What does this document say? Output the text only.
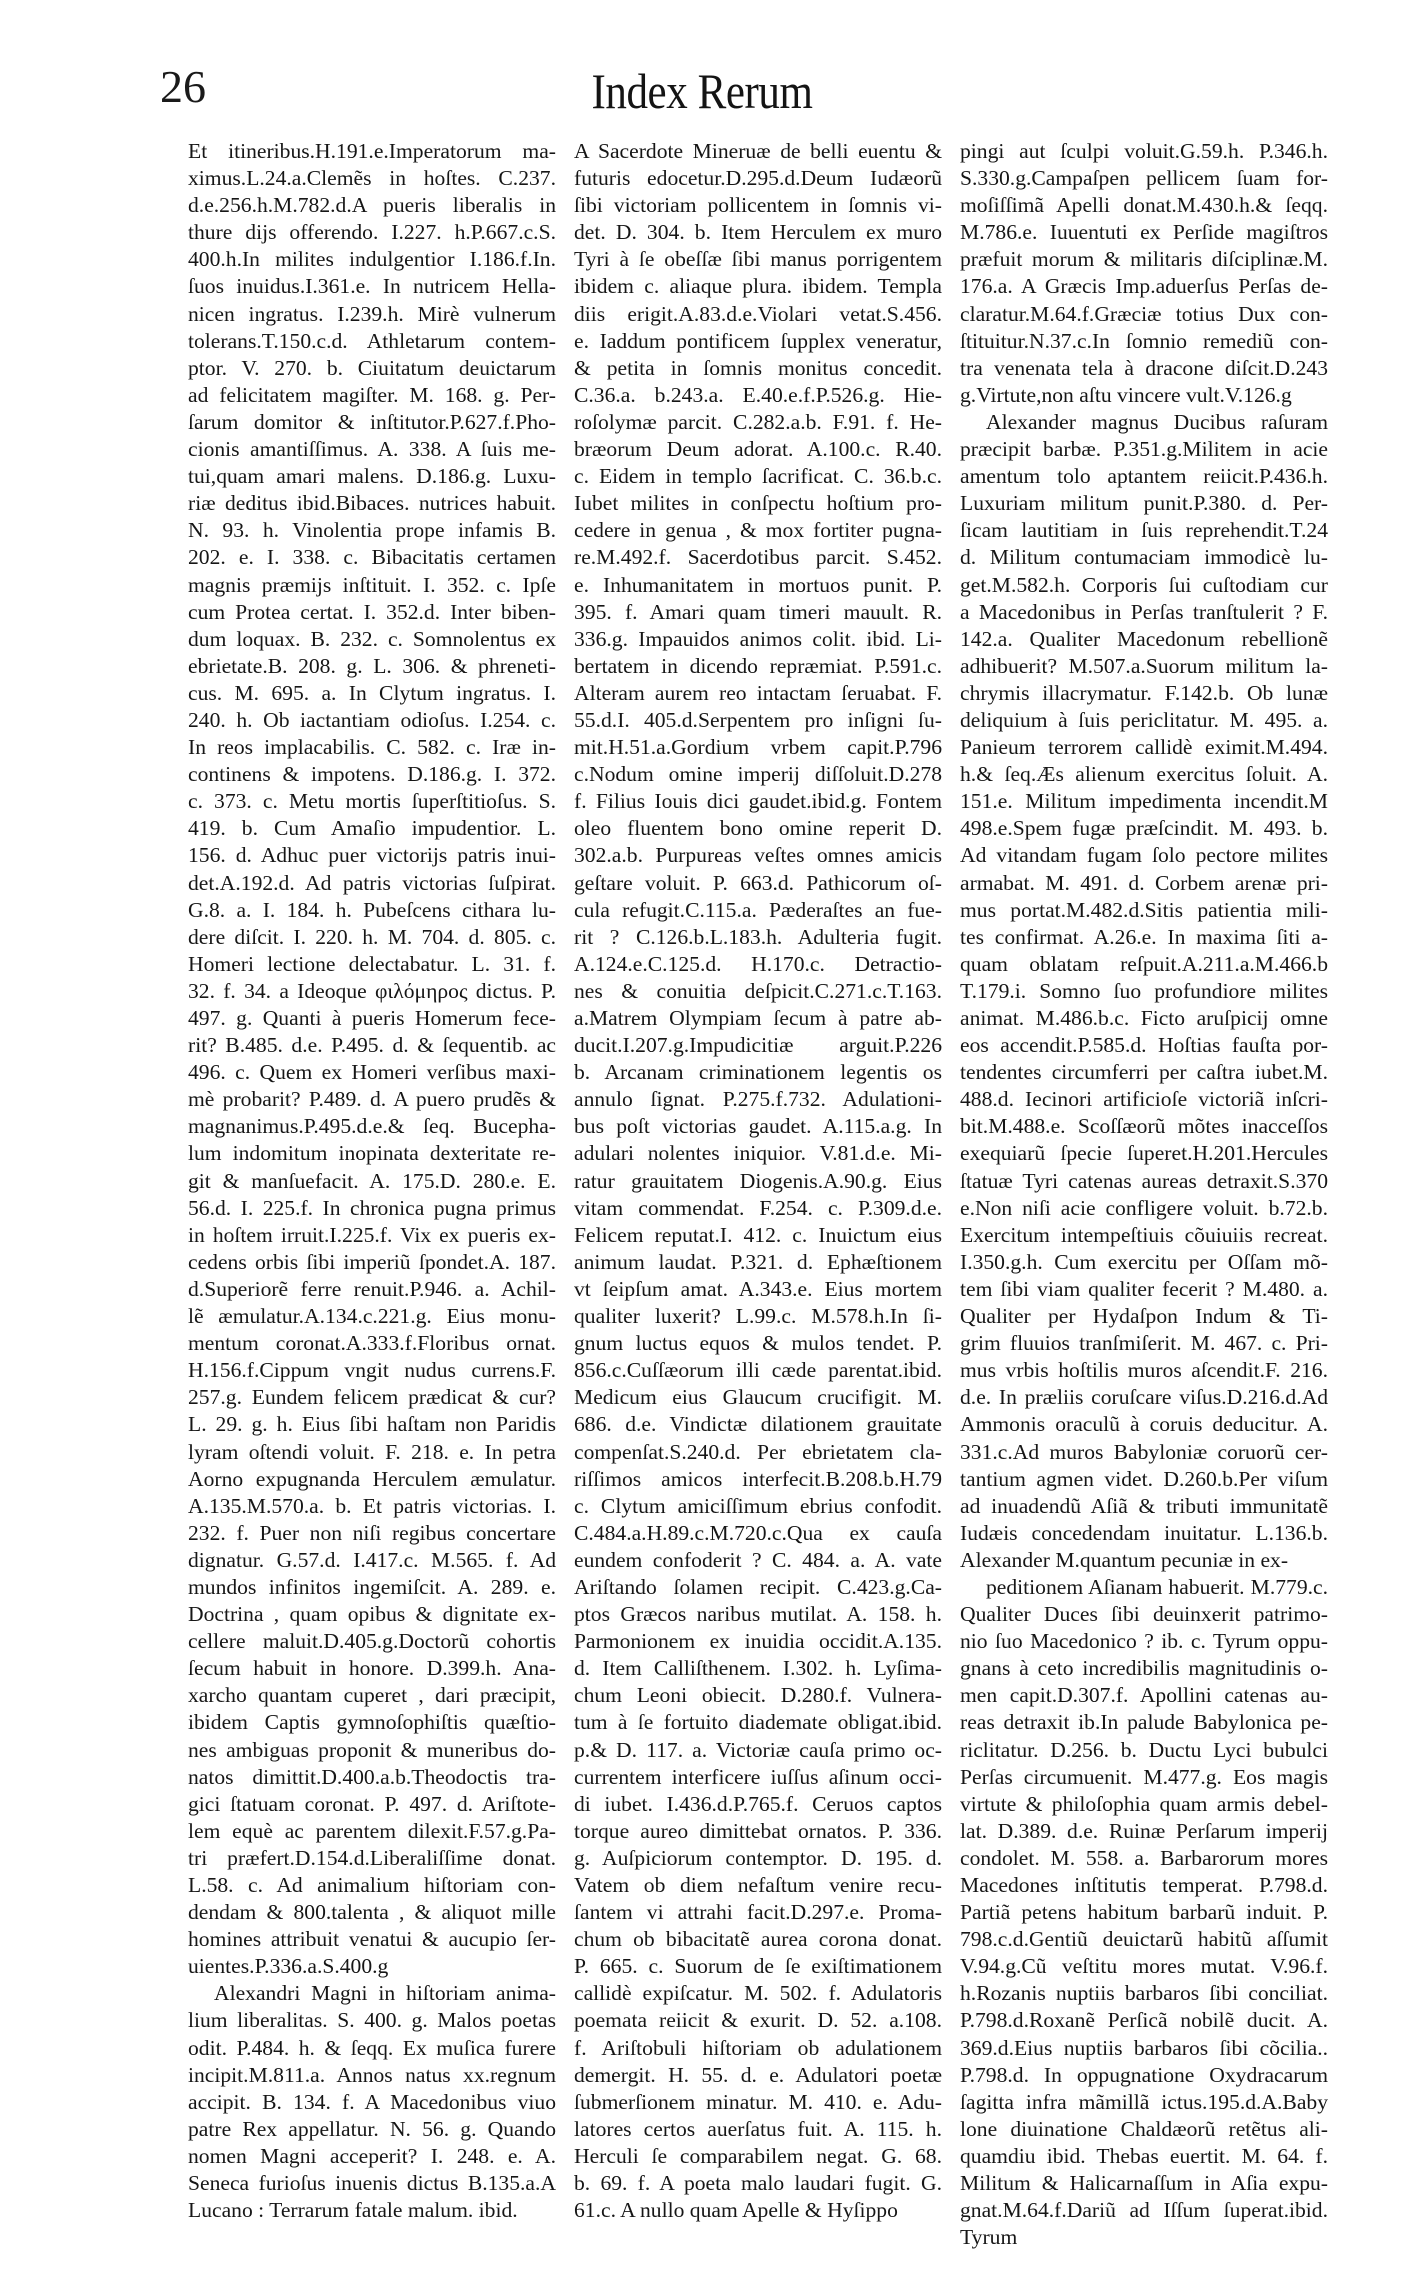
26	Index Rerum
Et itineribus.H.191.e.Imperatorum ma-
ximus.L.24.a.Clemẽs in hoſtes. C.237.
d.e.256.h.M.782.d.A pueris liberalis in
thure dijs offerendo. I.227. h.P.667.c.S.
400.h.In milites indulgentior I.186.f.In.
ſuos inuidus.I.361.e. In nutricem Hella-
nicen ingratus. I.239.h. Mirè vulnerum
tolerans.T.150.c.d. Athletarum contem-
ptor. V. 270. b. Ciuitatum deuictarum
ad felicitatem magiſter. M. 168. g. Per-
ſarum domitor & inſtitutor.P.627.f.Pho-
cionis amantiſſimus. A. 338. A ſuis me-
tui,quam amari malens. D.186.g. Luxu-
riæ deditus ibid.Bibaces. nutrices habuit.
N. 93. h. Vinolentia prope infamis B.
202. e. I. 338. c. Bibacitatis certamen
magnis præmijs inſtituit. I. 352. c. Ipſe
cum Protea certat. I. 352.d. Inter biben-
dum loquax. B. 232. c. Somnolentus ex
ebrietate.B. 208. g. L. 306. & phreneti-
cus. M. 695. a. In Clytum ingratus. I.
240. h. Ob iactantiam odioſus. I.254. c.
In reos implacabilis. C. 582. c. Iræ in-
continens & impotens. D.186.g. I. 372.
c. 373. c. Metu mortis ſuperſtitioſus. S.
419. b. Cum Amaſio impudentior. L.
156. d. Adhuc puer victorijs patris inui-
det.A.192.d. Ad patris victorias ſuſpirat.
G.8. a. I. 184. h. Pubeſcens cithara lu-
dere diſcit. I. 220. h. M. 704. d. 805. c.
Homeri lectione delectabatur. L. 31. f.
32. f. 34. a Ideoque φιλόμηρος dictus. P.
497. g. Quanti à pueris Homerum fece-
rit? B.485. d.e. P.495. d. & ſequentib. ac
496. c. Quem ex Homeri verſibus maxi-
mè probarit? P.489. d. A puero prudẽs &
magnanimus.P.495.d.e.& ſeq. Bucepha-
lum indomitum inopinata dexteritate re-
git & manſuefacit. A. 175.D. 280.e. E.
56.d. I. 225.f. In chronica pugna primus
in hoſtem irruit.I.225.f. Vix ex pueris ex-
cedens orbis ſibi imperiũ ſpondet.A. 187.
d.Superiorẽ ferre renuit.P.946. a. Achil-
lẽ æmulatur.A.134.c.221.g. Eius monu-
mentum coronat.A.333.f.Floribus ornat.
H.156.f.Cippum vngit nudus currens.F.
257.g. Eundem felicem prædicat & cur?
L. 29. g. h. Eius ſibi haſtam non Paridis
lyram oſtendi voluit. F. 218. e. In petra
Aorno expugnanda Herculem æmulatur.
A.135.M.570.a. b. Et patris victorias. I.
232. f. Puer non niſi regibus concertare
dignatur. G.57.d. I.417.c. M.565. f. Ad
mundos infinitos ingemiſcit. A. 289. e.
Doctrina , quam opibus & dignitate ex-
cellere maluit.D.405.g.Doctorũ cohortis
ſecum habuit in honore. D.399.h. Ana-
xarcho quantam cuperet , dari præcipit,
ibidem Captis gymnoſophiſtis quæſtio-
nes ambiguas proponit & muneribus do-
natos dimittit.D.400.a.b.Theodoctis tra-
gici ſtatuam coronat. P. 497. d. Ariſtote-
lem equè ac parentem dilexit.F.57.g.Pa-
tri præfert.D.154.d.Liberaliſſime donat.
L.58. c. Ad animalium hiſtoriam con-
dendam & 800.talenta , & aliquot mille
homines attribuit venatui & aucupio ſer-
uientes.P.336.a.S.400.g
Alexandri Magni in hiſtoriam anima-
lium liberalitas. S. 400. g. Malos poetas
odit. P.484. h. & ſeqq. Ex muſica furere
incipit.M.811.a. Annos natus xx.regnum
accipit. B. 134. f. A Macedonibus viuo
patre Rex appellatur. N. 56. g. Quando
nomen Magni acceperit? I. 248. e. A.
Seneca furioſus inuenis dictus B.135.a.A
Lucano : Terrarum fatale malum. ibid.
A Sacerdote Mineruæ de belli euentu &
futuris edocetur.D.295.d.Deum Iudæorũ
ſibi victoriam pollicentem in ſomnis vi-
det. D. 304. b. Item Herculem ex muro
Tyri à ſe obeſſæ ſibi manus porrigentem
ibidem c. aliaque plura. ibidem. Templa
diis erigit.A.83.d.e.Violari vetat.S.456.
e. Iaddum pontificem ſupplex veneratur,
& petita in ſomnis monitus concedit.
C.36.a. b.243.a. E.40.e.f.P.526.g. Hie-
roſolymæ parcit. C.282.a.b. F.91. f. He-
bræorum Deum adorat. A.100.c. R.40.
c. Eidem in templo ſacrificat. C. 36.b.c.
Iubet milites in conſpectu hoſtium pro-
cedere in genua , & mox fortiter pugna-
re.M.492.f. Sacerdotibus parcit. S.452.
e. Inhumanitatem in mortuos punit. P.
395. f. Amari quam timeri mauult. R.
336.g. Impauidos animos colit. ibid. Li-
bertatem in dicendo repræmiat. P.591.c.
Alteram aurem reo intactam ſeruabat. F.
55.d.I. 405.d.Serpentem pro inſigni ſu-
mit.H.51.a.Gordium vrbem capit.P.796
c.Nodum omine imperij diſſoluit.D.278
f. Filius Iouis dici gaudet.ibid.g. Fontem
oleo fluentem bono omine reperit D.
302.a.b. Purpureas veſtes omnes amicis
geſtare voluit. P. 663.d. Pathicorum oſ-
cula refugit.C.115.a. Pæderaſtes an fue-
rit ? C.126.b.L.183.h. Adulteria fugit.
A.124.e.C.125.d. H.170.c. Detractio-
nes & conuitia deſpicit.C.271.c.T.163.
a.Matrem Olympiam ſecum à patre ab-
ducit.I.207.g.Impudicitiæ arguit.P.226
b. Arcanam criminationem legentis os
annulo ſignat. P.275.f.732. Adulationi-
bus poſt victorias gaudet. A.115.a.g. In
adulari nolentes iniquior. V.81.d.e. Mi-
ratur grauitatem Diogenis.A.90.g. Eius
vitam commendat. F.254. c. P.309.d.e.
Felicem reputat.I. 412. c. Inuictum eius
animum laudat. P.321. d. Ephæſtionem
vt ſeipſum amat. A.343.e. Eius mortem
qualiter luxerit? L.99.c. M.578.h.In ſi-
gnum luctus equos & mulos tendet. P.
856.c.Cuſſæorum illi cæde parentat.ibid.
Medicum eius Glaucum crucifigit. M.
686. d.e. Vindictæ dilationem grauitate
compenſat.S.240.d. Per ebrietatem cla-
riſſimos amicos interfecit.B.208.b.H.79
c. Clytum amiciſſimum ebrius confodit.
C.484.a.H.89.c.M.720.c.Qua ex cauſa
eundem confoderit ? C. 484. a. A. vate
Ariſtando ſolamen recipit. C.423.g.Ca-
ptos Græcos naribus mutilat. A. 158. h.
Parmonionem ex inuidia occidit.A.135.
d. Item Calliſthenem. I.302. h. Lyſima-
chum Leoni obiecit. D.280.f. Vulnera-
tum à ſe fortuito diademate obligat.ibid.
p.& D. 117. a. Victoriæ cauſa primo oc-
currentem interficere iuſſus aſinum occi-
di iubet. I.436.d.P.765.f. Ceruos captos
torque aureo dimittebat ornatos. P. 336.
g. Auſpiciorum contemptor. D. 195. d.
Vatem ob diem nefaſtum venire recu-
ſantem vi attrahi facit.D.297.e. Proma-
chum ob bibacitatẽ aurea corona donat.
P. 665. c. Suorum de ſe exiſtimationem
callidè expiſcatur. M. 502. f. Adulatoris
poemata reiicit & exurit. D. 52. a.108.
f. Ariſtobuli hiſtoriam ob adulationem
demergit. H. 55. d. e. Adulatori poetæ
ſubmerſionem minatur. M. 410. e. Adu-
latores certos auerſatus fuit. A. 115. h.
Herculi ſe comparabilem negat. G. 68.
b. 69. f. A poeta malo laudari fugit. G.
61.c. A nullo quam Apelle & Hyſippo
pingi aut ſculpi voluit.G.59.h. P.346.h.
S.330.g.Campaſpen pellicem ſuam for-
moſiſſimã Apelli donat.M.430.h.& ſeqq.
M.786.e. Iuuentuti ex Perſide magiſtros
præfuit morum & militaris diſciplinæ.M.
176.a. A Græcis Imp.aduerſus Perſas de-
claratur.M.64.f.Græciæ totius Dux con-
ſtituitur.N.37.c.In ſomnio remediũ con-
tra venenata tela à dracone diſcit.D.243
g.Virtute,non aſtu vincere vult.V.126.g
Alexander magnus Ducibus raſuram
præcipit barbæ. P.351.g.Militem in acie
amentum tolo aptantem reiicit.P.436.h.
Luxuriam militum punit.P.380. d. Per-
ſicam lautitiam in ſuis reprehendit.T.24
d. Militum contumaciam immodicè lu-
get.M.582.h. Corporis ſui cuſtodiam cur
a Macedonibus in Perſas tranſtulerit ? F.
142.a. Qualiter Macedonum rebellionẽ
adhibuerit? M.507.a.Suorum militum la-
chrymis illacrymatur. F.142.b. Ob lunæ
deliquium à ſuis periclitatur. M. 495. a.
Panieum terrorem callidè eximit.M.494.
h.& ſeq.Æs alienum exercitus ſoluit. A.
151.e. Militum impedimenta incendit.M
498.e.Spem fugæ præſcindit. M. 493. b.
Ad vitandam fugam ſolo pectore milites
armabat. M. 491. d. Corbem arenæ pri-
mus portat.M.482.d.Sitis patientia mili-
tes confirmat. A.26.e. In maxima ſiti a-
quam oblatam reſpuit.A.211.a.M.466.b
T.179.i. Somno ſuo profundiore milites
animat. M.486.b.c. Ficto aruſpicij omne
eos accendit.P.585.d. Hoſtias fauſta por-
tendentes circumferri per caſtra iubet.M.
488.d. Iecinori artificioſe victoriã inſcri-
bit.M.488.e. Scoſſæorũ mõtes inacceſſos
exequiarũ ſpecie ſuperet.H.201.Hercules
ſtatuæ Tyri catenas aureas detraxit.S.370
e.Non niſi acie confligere voluit. b.72.b.
Exercitum intempeſtiuis cõuiuiis recreat.
I.350.g.h. Cum exercitu per Oſſam mõ-
tem ſibi viam qualiter fecerit ? M.480. a.
Qualiter per Hydaſpon Indum & Ti-
grim fluuios tranſmiſerit. M. 467. c. Pri-
mus vrbis hoſtilis muros aſcendit.F. 216.
d.e. In præliis coruſcare viſus.D.216.d.Ad
Ammonis oraculũ à coruis deducitur. A.
331.c.Ad muros Babyloniæ coruorũ cer-
tantium agmen videt. D.260.b.Per viſum
ad inuadendũ Aſiã & tributi immunitatẽ
Iudæis concedendam inuitatur. L.136.b.
Alexander M.quantum pecuniæ in ex-
peditionem Aſianam habuerit. M.779.c.
Qualiter Duces ſibi deuinxerit patrimo-
nio ſuo Macedonico ? ib. c. Tyrum oppu-
gnans à ceto incredibilis magnitudinis o-
men capit.D.307.f. Apollini catenas au-
reas detraxit ib.In palude Babylonica pe-
riclitatur. D.256. b. Ductu Lyci bubulci
Perſas circumuenit. M.477.g. Eos magis
virtute & philoſophia quam armis debel-
lat. D.389. d.e. Ruinæ Perſarum imperij
condolet. M. 558. a. Barbarorum mores
Macedones inſtitutis temperat. P.798.d.
Partiã petens habitum barbarũ induit. P.
798.c.d.Gentiũ deuictarũ habitũ aſſumit
V.94.g.Cũ veſtitu mores mutat. V.96.f.
h.Rozanis nuptiis barbaros ſibi conciliat.
P.798.d.Roxanẽ Perſicã nobilẽ ducit. A.
369.d.Eius nuptiis barbaros ſibi cõcilia..
P.798.d. In oppugnatione Oxydracarum
ſagitta infra mãmillã ictus.195.d.A.Baby
lone diuinatione Chaldæorũ retẽtus ali-
quamdiu ibid. Thebas euertit. M. 64. f.
Militum & Halicarnaſſum in Aſia expu-
gnat.M.64.f.Dariũ ad Iſſum ſuperat.ibid.
Tyrum
